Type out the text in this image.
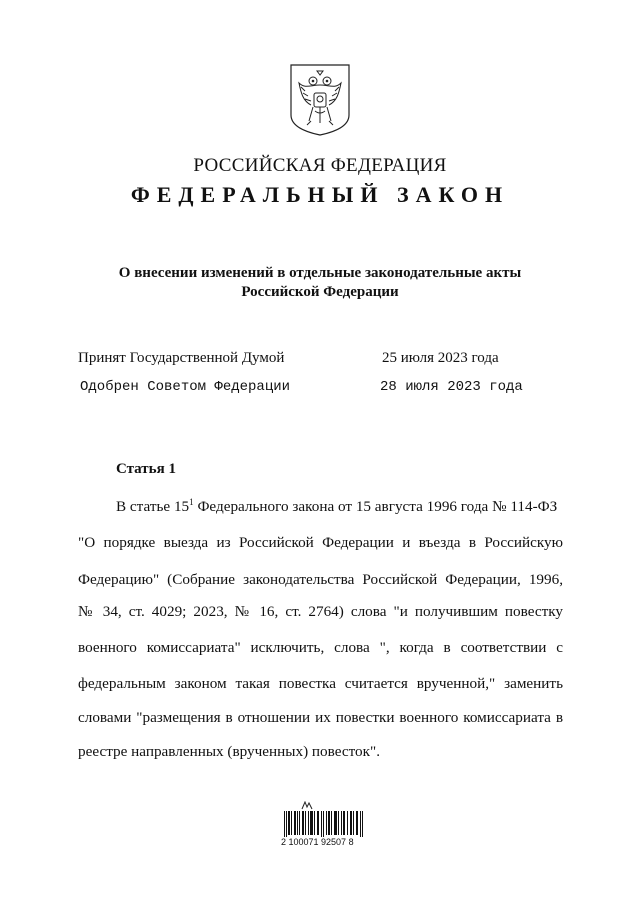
РОССИЙСКАЯ ФЕДЕРАЦИЯ
ФЕДЕРАЛЬНЫЙ ЗАКОН
О внесении изменений в отдельные законодательные акты
Российской Федерации
Принят Государственной Думой	25 июля 2023 года
Одобрен Советом Федерации	28 июля 2023 года
Статья 1
В статье $15^1$ Федерального закона от 15 августа 1996 года № 114-ФЗ
"О порядке выезда из Российской Федерации и въезда в Российскую
Федерацию" (Собрание законодательства Российской Федерации, 1996,
№ 34, ст. 4029; 2023, № 16, ст. 2764) слова "и получившим повестку
военного комиссариата" исключить, слова ", когда в соответствии с
федеральным законом такая повестка считается врученной," заменить
словами "размещения в отношении их повестки военного комиссариата в
реестре направленных (врученных) повесток".
2 100071 92507 8
